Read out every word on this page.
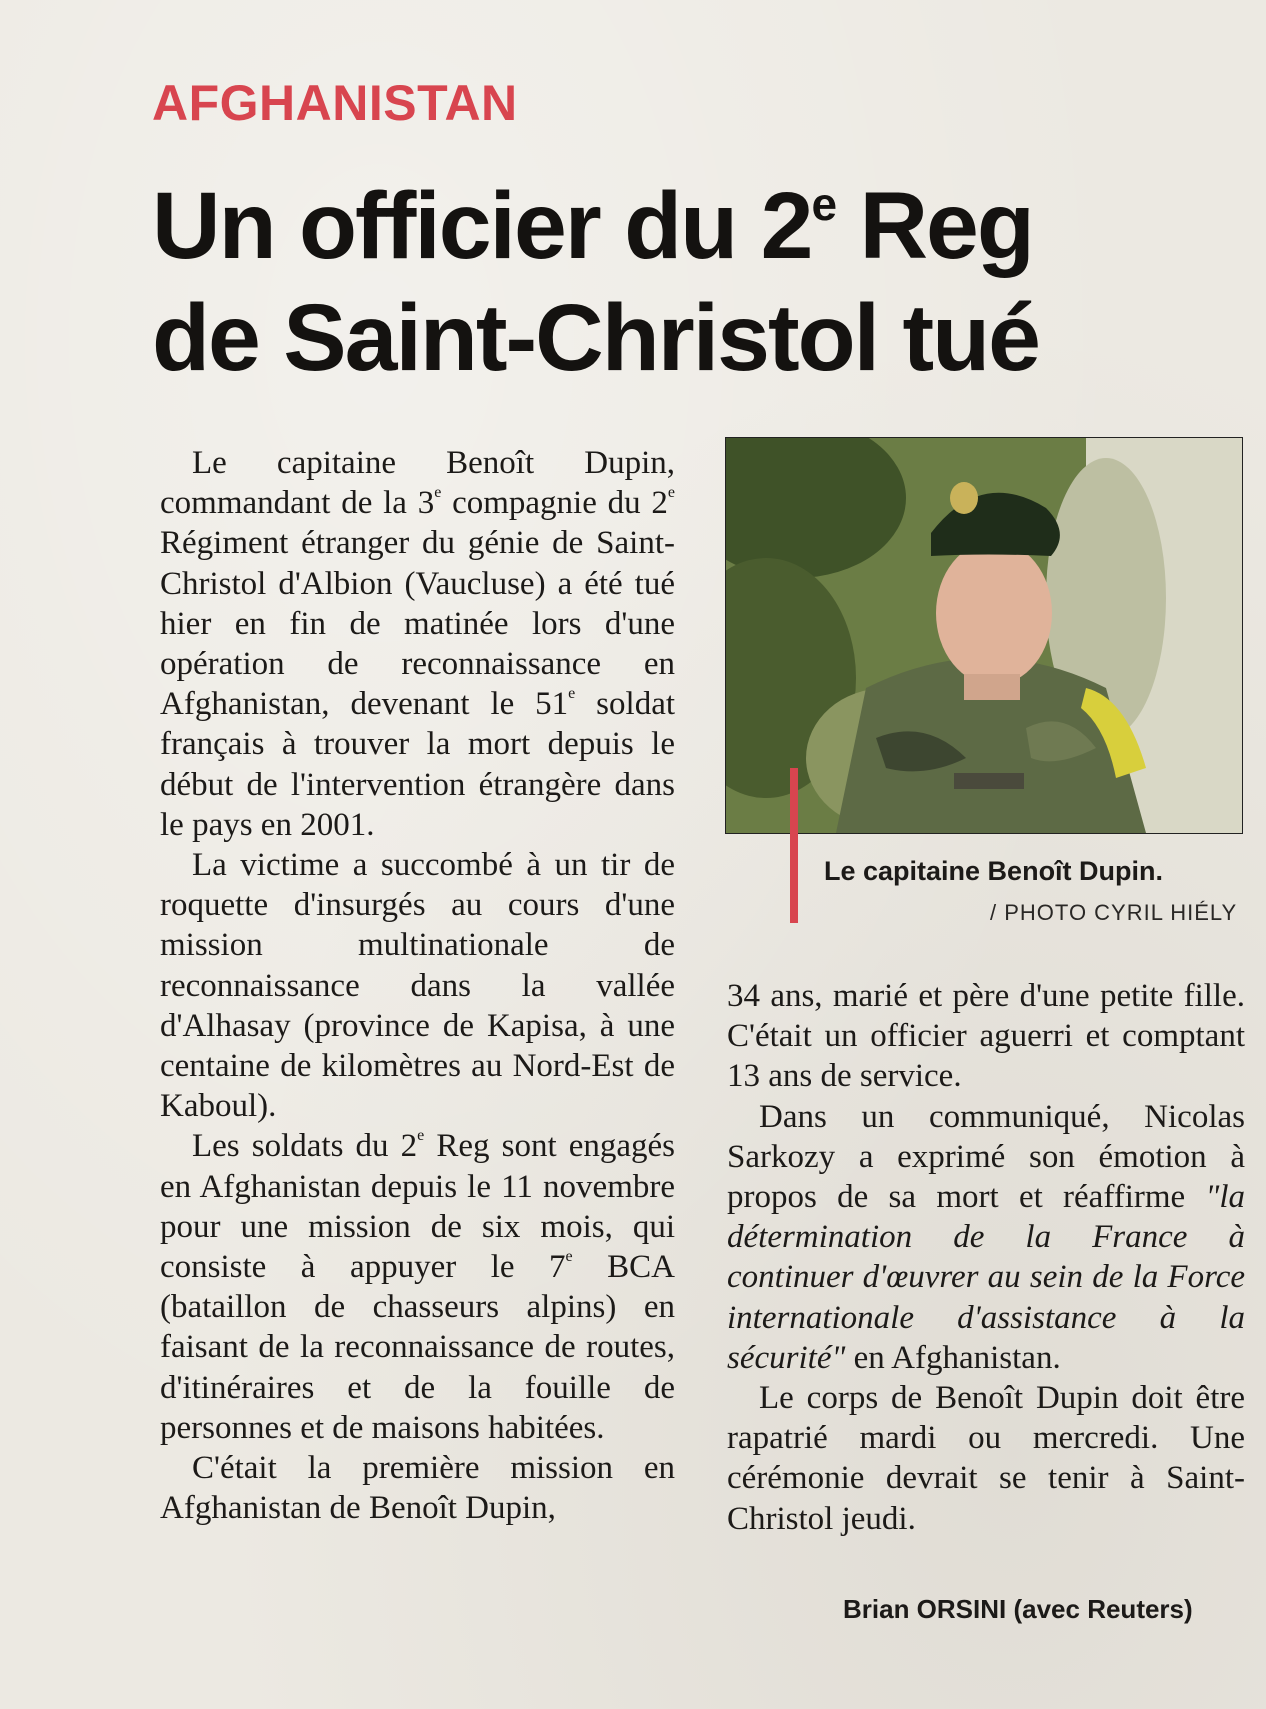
AFGHANISTAN
Un officier du 2e Reg
de Saint-Christol tué

Le capitaine Benoît Dupin, commandant de la 3e compagnie du 2e Régiment étranger du génie de Saint-Christol d'Albion (Vaucluse) a été tué hier en fin de matinée lors d'une opération de reconnaissance en Afghanistan, devenant le 51e soldat français à trouver la mort depuis le début de l'intervention étrangère dans le pays en 2001.

La victime a succombé à un tir de roquette d'insurgés au cours d'une mission multinationale de reconnaissance dans la vallée d'Alhasay (province de Kapisa, à une centaine de kilomètres au Nord-Est de Kaboul).

Les soldats du 2e Reg sont engagés en Afghanistan depuis le 11 novembre pour une mission de six mois, qui consiste à appuyer le 7e BCA (bataillon de chasseurs alpins) en faisant de la reconnaissance de routes, d'itinéraires et de la fouille de personnes et de maisons habitées.

C'était la première mission en Afghanistan de Benoît Dupin,

Le capitaine Benoît Dupin.

/ PHOTO CYRIL HIÉLY

34 ans, marié et père d'une petite fille. C'était un officier aguerri et comptant 13 ans de service.

Dans un communiqué, Nicolas Sarkozy a exprimé son émotion à propos de sa mort et réaffirme "la détermination de la France à continuer d'œuvrer au sein de la Force internationale d'assistance à la sécurité" en Afghanistan.

Le corps de Benoît Dupin doit être rapatrié mardi ou mercredi. Une cérémonie devrait se tenir à Saint-Christol jeudi.

Brian ORSINI (avec Reuters)
